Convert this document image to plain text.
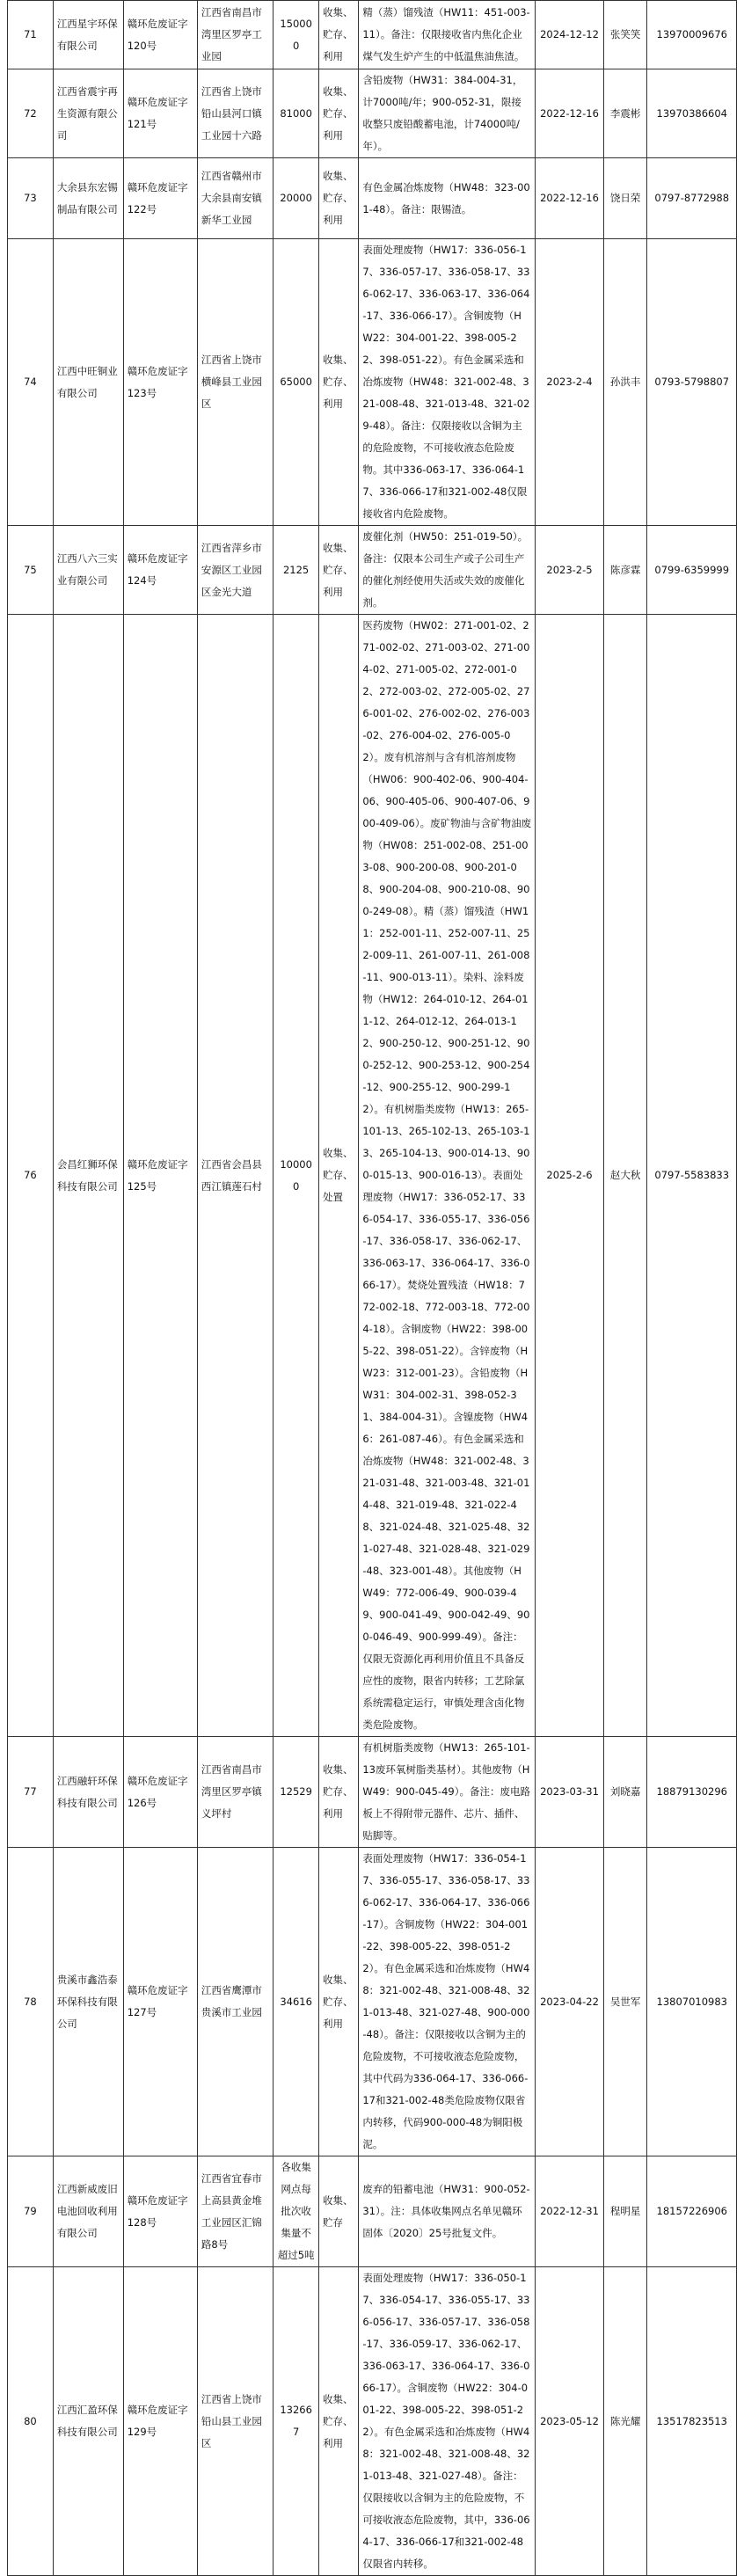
71	江西星宇环保有限公司	赣环危废证字120号	江西省南昌市湾里区罗亭工业园	150000	收集、贮存、利用	精（蒸）馏残渣（HW11：451-003-11）。备注：仅限接收省内焦化企业煤气发生炉产生的中低温焦油焦渣。	2024-12-12	张笑笑	13970009676
72	江西省震宇再生资源有限公司	赣环危废证字121号	江西省上饶市铅山县河口镇工业园十六路	81000	收集、贮存、利用	含铅废物（HW31：384-004-31，计7000吨/年；900-052-31，限接收整只废铅酸蓄电池，计74000吨/年）。	2022-12-16	李震彬	13970386604
73	大余县东宏锡制品有限公司	赣环危废证字122号	江西省赣州市大余县南安镇新华工业园	20000	收集、贮存、利用	有色金属冶炼废物（HW48：323-001-48）。备注：限锡渣。	2022-12-16	饶日荣	0797-8772988
74	江西中旺铜业有限公司	赣环危废证字123号	江西省上饶市横峰县工业园区	65000	收集、贮存、利用	表面处理废物（HW17：336-056-17、336-057-17、336-058-17、336-062-17、336-063-17、336-064-17、336-066-17）。含铜废物（HW22：304-001-22、398-005-22、398-051-22）。有色金属采选和冶炼废物（HW48：321-002-48、321-008-48、321-013-48、321-029-48）。备注：仅限接收以含铜为主的危险废物，不可接收液态危险废物。其中336-063-17、336-064-17、336-066-17和321-002-48仅限接收省内危险废物。	2023-2-4	孙洪丰	0793-5798807
75	江西八六三实业有限公司	赣环危废证字124号	江西省萍乡市安源区工业园区金光大道	2125	收集、贮存、利用	废催化剂（HW50：251-019-50）。备注：仅限本公司生产或子公司生产的催化剂经使用失活或失效的废催化剂。	2023-2-5	陈彦霖	0799-6359999
76	会昌红狮环保科技有限公司	赣环危废证字125号	江西省会昌县西江镇莲石村	100000	收集、贮存、处置	医药废物（HW02：271-001-02、271-002-02、271-003-02、271-004-02、271-005-02、272-001-02、272-003-02、272-005-02、276-001-02、276-002-02、276-003-02、276-004-02、276-005-02）。废有机溶剂与含有机溶剂废物（HW06：900-402-06、900-404-06、900-405-06、900-407-06、900-409-06）。废矿物油与含矿物油废物（HW08：251-002-08、251-003-08、900-200-08、900-201-08、900-204-08、900-210-08、900-249-08）。精（蒸）馏残渣（HW11：252-001-11、252-007-11、252-009-11、261-007-11、261-008-11、900-013-11）。染料、涂料废物（HW12：264-010-12、264-011-12、264-012-12、264-013-12、900-250-12、900-251-12、900-252-12、900-253-12、900-254-12、900-255-12、900-299-12）。有机树脂类废物（HW13：265-101-13、265-102-13、265-103-13、265-104-13、900-014-13、900-015-13、900-016-13）。表面处理废物（HW17：336-052-17、336-054-17、336-055-17、336-056-17、336-058-17、336-062-17、336-063-17、336-064-17、336-066-17）。焚烧处置残渣（HW18：772-002-18、772-003-18、772-004-18）。含铜废物（HW22：398-005-22、398-051-22）。含锌废物（HW23：312-001-23）。含铅废物（HW31：304-002-31、398-052-31、384-004-31）。含镍废物（HW46：261-087-46）。有色金属采选和冶炼废物（HW48：321-002-48、321-031-48、321-003-48、321-014-48、321-019-48、321-022-48、321-024-48、321-025-48、321-027-48、321-028-48、321-029-48、323-001-48）。其他废物（HW49：772-006-49、900-039-49、900-041-49、900-042-49、900-046-49、900-999-49）。备注：仅限无资源化再利用价值且不具备反应性的废物，限省内转移；工艺除氯系统需稳定运行，审慎处理含卤化物类危险废物。	2025-2-6	赵大秋	0797-5583833
77	江西融轩环保科技有限公司	赣环危废证字126号	江西省南昌市湾里区罗亭镇义坪村	12529	收集、贮存、利用	有机树脂类废物（HW13：265-101-13废环氧树脂类基材）。其他废物（HW49：900-045-49）。备注：废电路板上不得附带元器件、芯片、插件、贴脚等。	2023-03-31	刘晓嘉	18879130296
78	贵溪市鑫浩泰环保科技有限公司	赣环危废证字127号	江西省鹰潭市贵溪市工业园	34616	收集、贮存、利用	表面处理废物（HW17：336-054-17、336-055-17、336-058-17、336-062-17、336-064-17、336-066-17）。含铜废物（HW22：304-001-22、398-005-22、398-051-22）。有色金属采选和冶炼废物（HW48：321-002-48、321-008-48、321-013-48、321-027-48、900-000-48）。备注：仅限接收以含铜为主的危险废物，不可接收液态危险废物，其中代码为336-064-17、336-066-17和321-002-48类危险废物仅限省内转移，代码900-000-48为铜阳极泥。	2023-04-22	吴世军	13807010983
79	江西新威废旧电池回收利用有限公司	赣环危废证字128号	江西省宜春市上高县黄金堆工业园区汇锦路8号	各收集网点每批次收集量不超过5吨	收集、贮存	废弃的铅蓄电池（HW31：900-052-31）。注：具体收集网点名单见赣环固体〔2020〕25号批复文件。	2022-12-31	程明星	18157226906
80	江西汇盈环保科技有限公司	赣环危废证字129号	江西省上饶市铅山县工业园区	132667	收集、贮存、利用	表面处理废物（HW17：336-050-17、336-054-17、336-055-17、336-056-17、336-057-17、336-058-17、336-059-17、336-062-17、336-063-17、336-064-17、336-066-17）。含铜废物（HW22：304-001-22、398-005-22、398-051-22）。有色金属采选和冶炼废物（HW48：321-002-48、321-008-48、321-013-48、321-027-48）。备注：仅限接收以含铜为主的危险废物，不可接收液态危险废物，其中，336-064-17、336-066-17和321-002-48仅限省内转移。	2023-05-12	陈光耀	13517823513
